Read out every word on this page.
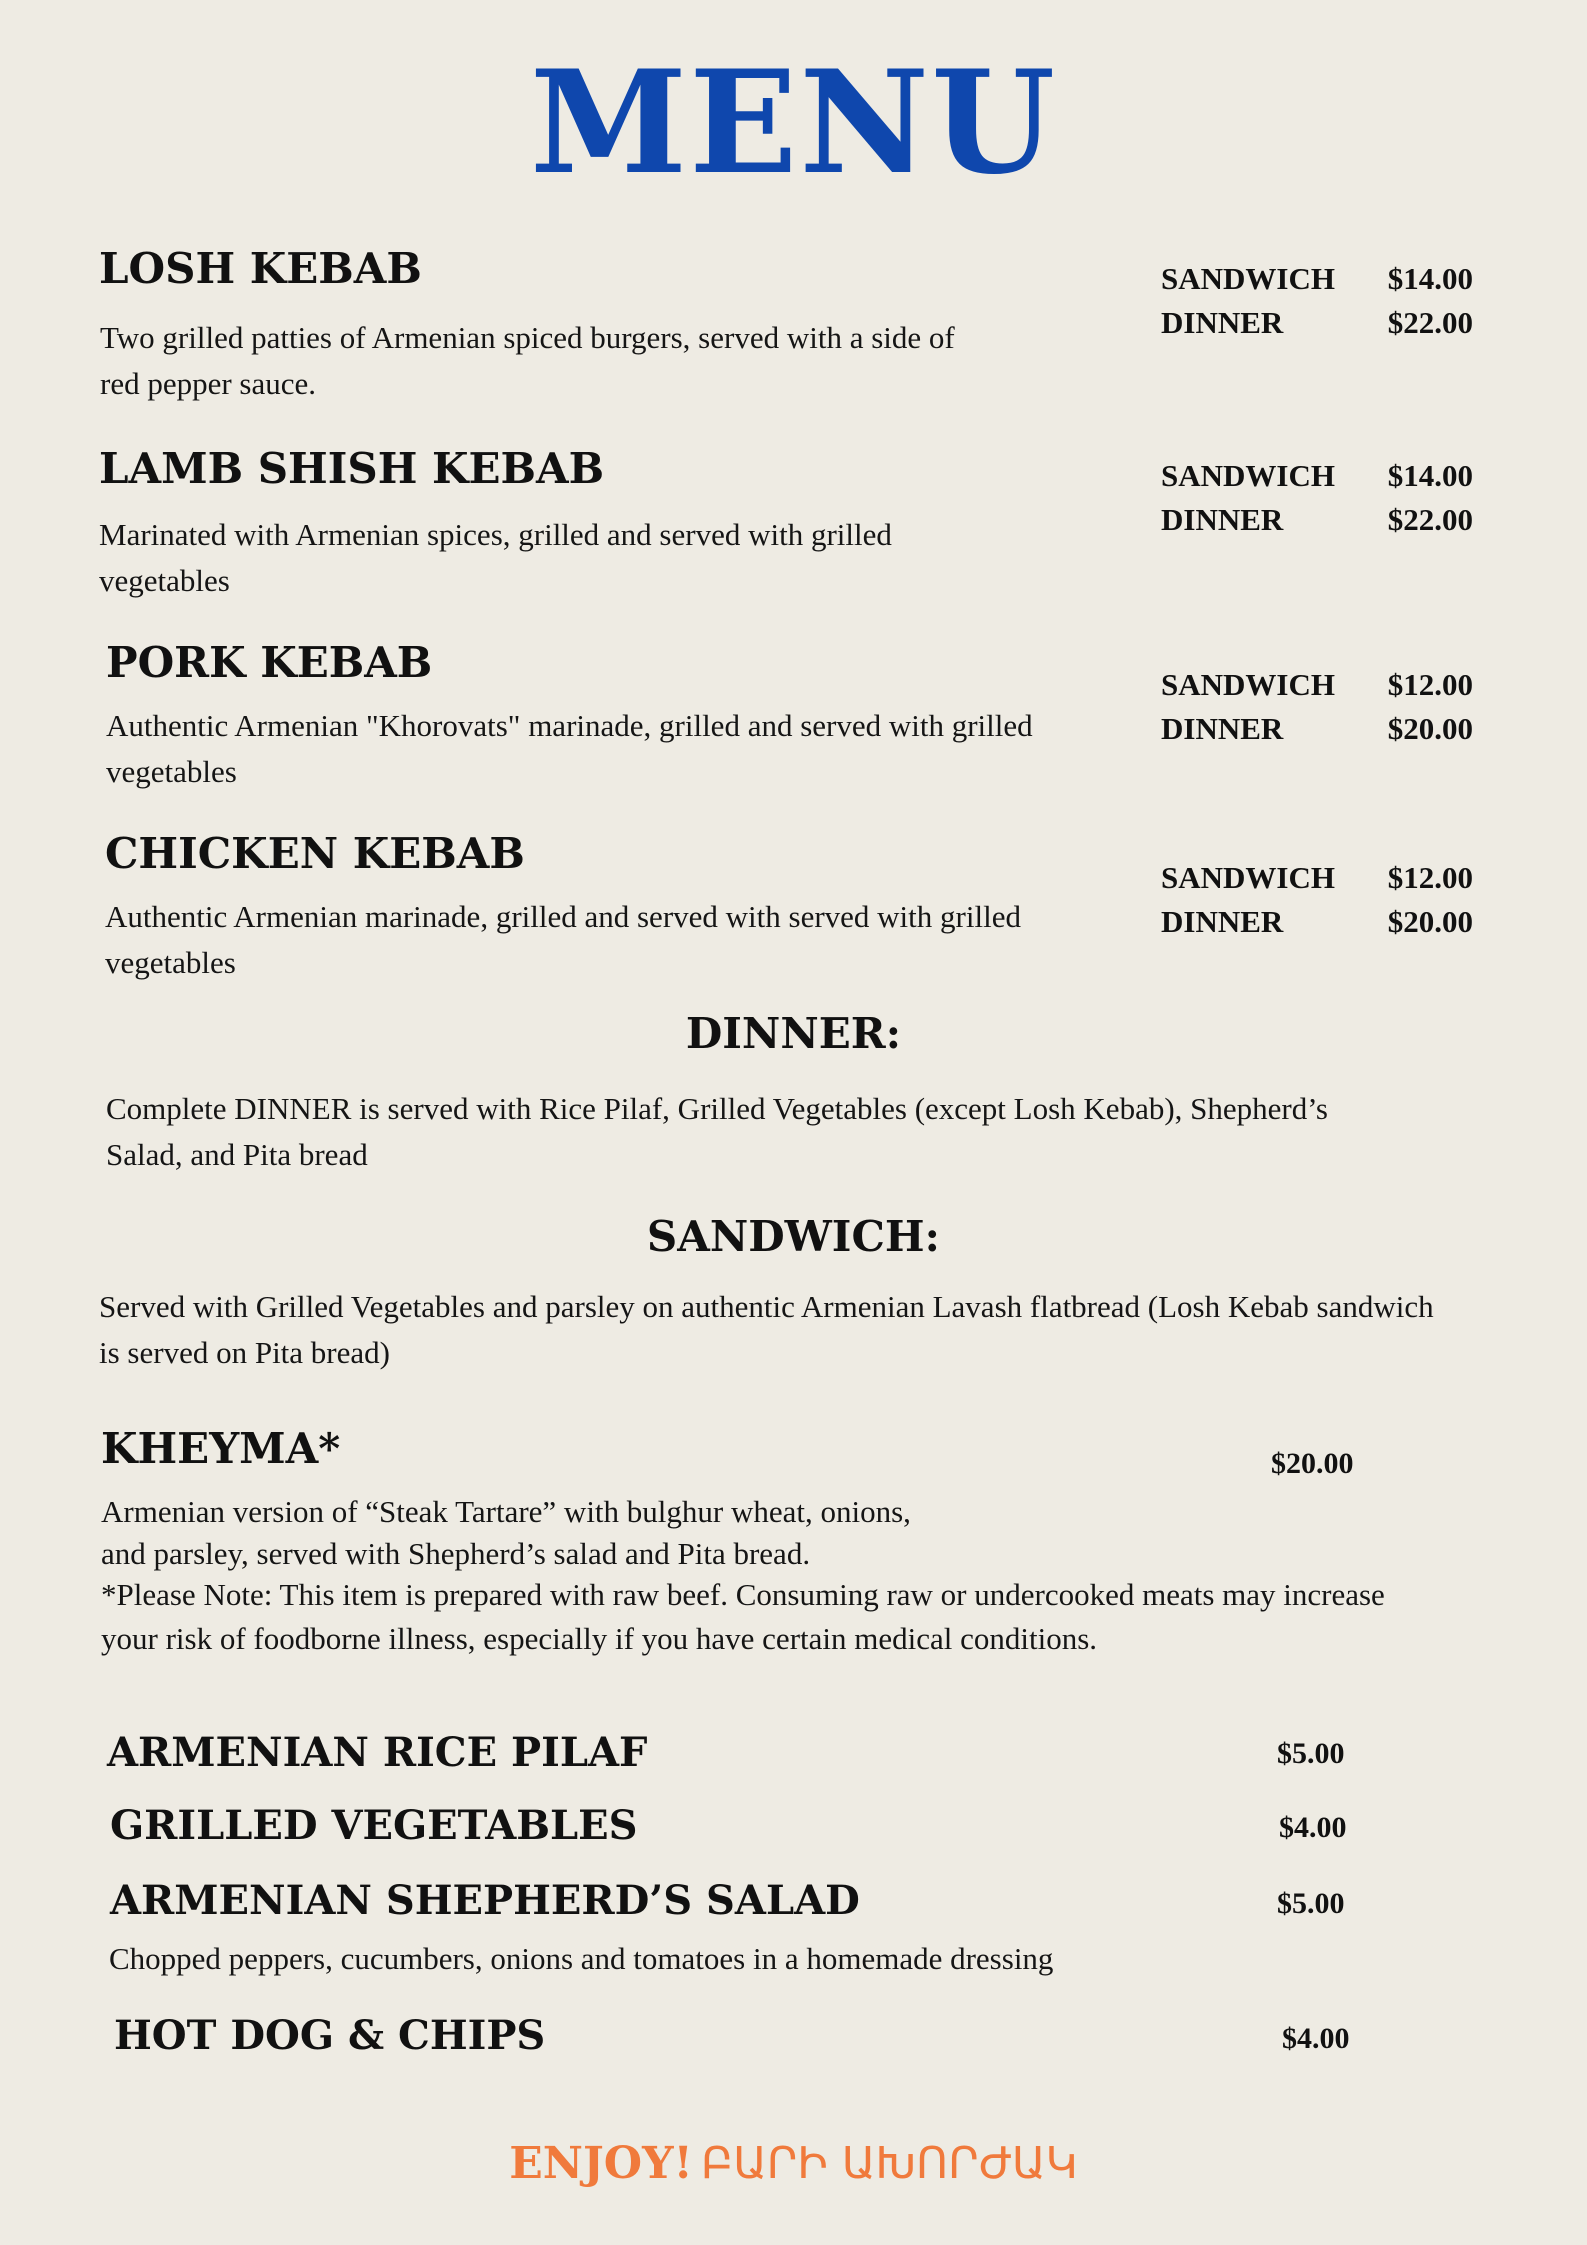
MENU
LOSH KEBAB
Two grilled patties of Armenian spiced burgers, served with a side of red pepper sauce.
SANDWICH $14.00
DINNER	$22.00
LAMB SHISH KEBAB
Marinated with Armenian spices, grilled and served with grilled vegetables
SANDWICH $14.00
DINNER	$22.00
PORK KEBAB
Authentic Armenian "Khorovats" marinade, grilled and served with grilled vegetables
SANDWICH $12.00
DINNER	$20.00
CHICKEN KEBAB
Authentic Armenian marinade, grilled and served with served with grilled vegetables
SANDWICH $12.00
DINNER	$20.00
DINNER:
Complete DINNER is served with Rice Pilaf, Grilled Vegetables (except Losh Kebab), Shepherd’s Salad, and Pita bread
SANDWICH:
Served with Grilled Vegetables and parsley on authentic Armenian Lavash flatbread (Losh Kebab sandwich is served on Pita bread)
KHEYMA*	$20.00
Armenian version of “Steak Tartare” with bulghur wheat, onions,
and parsley, served with Shepherd’s salad and Pita bread.
*Please Note: This item is prepared with raw beef. Consuming raw or undercooked meats may increase your risk of foodborne illness, especially if you have certain medical conditions.
ARMENIAN RICE PILAF	$5.00
GRILLED VEGETABLES	$4.00
ARMENIAN SHEPHERD’S SALAD	$5.00
Chopped peppers, cucumbers, onions and tomatoes in a homemade dressing
HOT DOG & CHIPS	$4.00
ENJOY! ԲԱՐԻ ԱԽՈՐԺԱԿ
